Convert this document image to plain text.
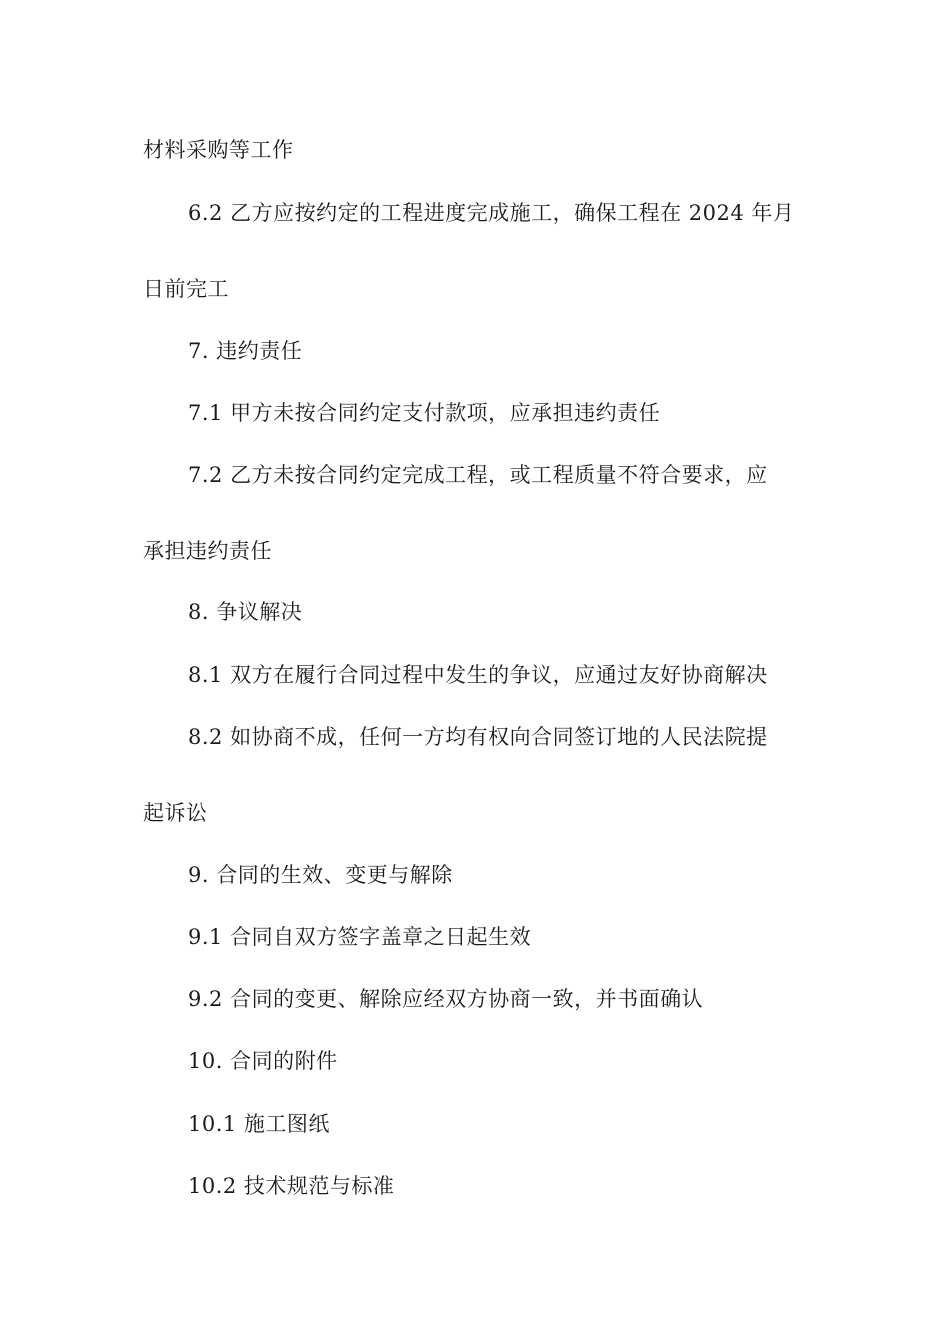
材料采购等工作
6.2 乙方应按约定的工程进度完成施工，确保工程在 2024 年月
日前完工
7. 违约责任
7.1 甲方未按合同约定支付款项，应承担违约责任
7.2 乙方未按合同约定完成工程，或工程质量不符合要求，应
承担违约责任
8. 争议解决
8.1 双方在履行合同过程中发生的争议，应通过友好协商解决
8.2 如协商不成，任何一方均有权向合同签订地的人民法院提
起诉讼
9. 合同的生效、变更与解除
9.1 合同自双方签字盖章之日起生效
9.2 合同的变更、解除应经双方协商一致，并书面确认
10. 合同的附件
10.1 施工图纸
10.2 技术规范与标准
